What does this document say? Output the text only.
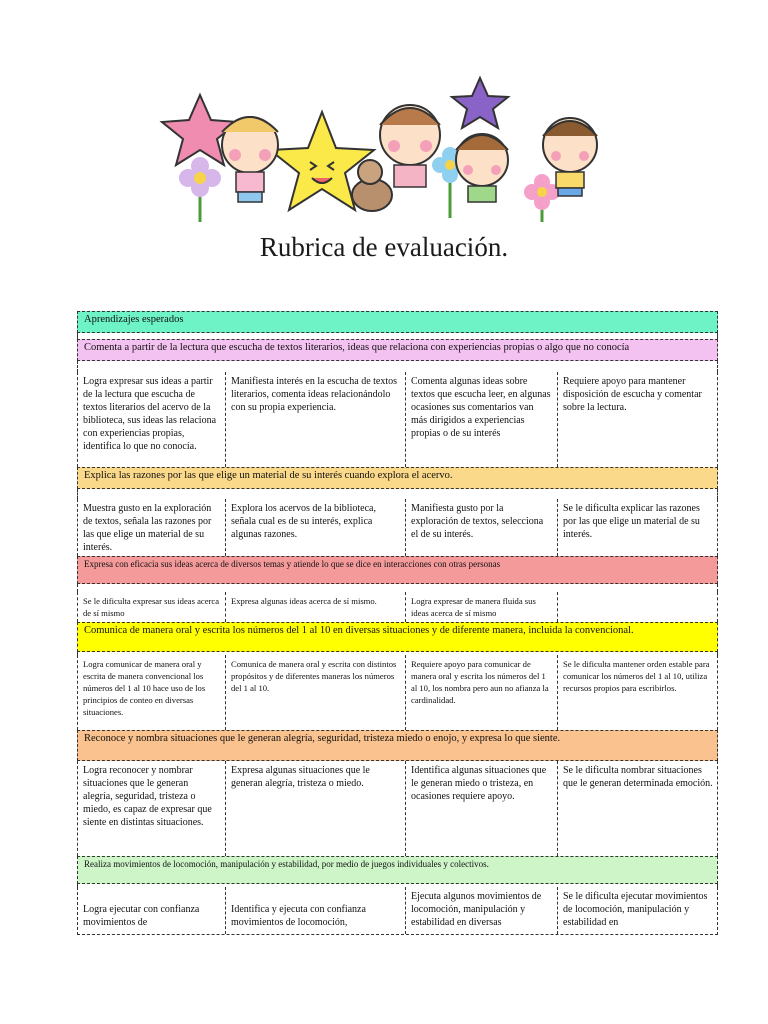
Rubrica de evaluación.
Aprendizajes esperados
Comenta a partir de la lectura que escucha de textos literarios, ideas que relaciona con experiencias propias o algo que no conocía
Logra expresar sus ideas a partir de la lectura que escucha de textos literarios del acervo de la biblioteca, sus ideas las relaciona con experiencias propias, identifica lo que no conocía.
Manifiesta interés en la escucha de textos literarios, comenta ideas relacionándolo con su propia experiencia.
Comenta algunas ideas sobre textos que escucha leer, en algunas ocasiones sus comentarios van más dirigidos a experiencias propias o de su interés
Requiere apoyo para mantener disposición de escucha y comentar sobre la lectura.
Explica las razones por las que elige un material de su interés cuando explora el acervo.
Muestra gusto en la exploración de textos, señala las razones por las que elige un material de su interés.
Explora los acervos de la biblioteca, señala cual es de su interés, explica algunas razones.
Manifiesta gusto por la exploración de textos, selecciona el de su interés.
Se le dificulta explicar las razones por las que elige un material de su interés.
Expresa con eficacia sus ideas acerca de diversos temas y atiende lo que se dice en interacciones con otras personas
Se le dificulta expresar sus ideas acerca de sí mismo
Expresa algunas ideas acerca de sí mismo.	Logra expresar de manera fluida sus ideas acerca de sí mismo
Comunica de manera oral y escrita los números del 1 al 10 en diversas situaciones y de diferente manera, incluida la convencional.
Logra comunicar de manera oral y escrita de manera convencional los números del 1 al 10 hace uso de los principios de conteo en diversas situaciones.
Comunica de manera oral y escrita con distintos propósitos y de diferentes maneras los números del 1 al 10.
Requiere apoyo para comunicar de manera oral y escrita los números del 1 al 10, los nombra pero aun no afianza la cardinalidad.
Se le dificulta mantener orden estable para comunicar los números del 1 al 10, utiliza recursos propios para escribirlos.
Reconoce y nombra situaciones que le generan alegría, seguridad, tristeza miedo o enojo, y expresa lo que siente.
Logra reconocer y nombrar situaciones que le generan alegría, seguridad, tristeza o miedo, es capaz de expresar que siente en distintas situaciones.
Expresa algunas situaciones que le generan alegría, tristeza o miedo.
Identifica algunas situaciones que le generan miedo o tristeza, en ocasiones requiere apoyo.
Se le dificulta nombrar situaciones que le generan determinada emoción.
Realiza movimientos de locomoción, manipulación y estabilidad, por medio de juegos individuales y colectivos.
Logra ejecutar con confianza movimientos de
Identifica y ejecuta con confianza movimientos de locomoción,
Ejecuta algunos movimientos de locomoción, manipulación y estabilidad en diversas
Se le dificulta ejecutar movimientos de locomoción, manipulación y estabilidad en
